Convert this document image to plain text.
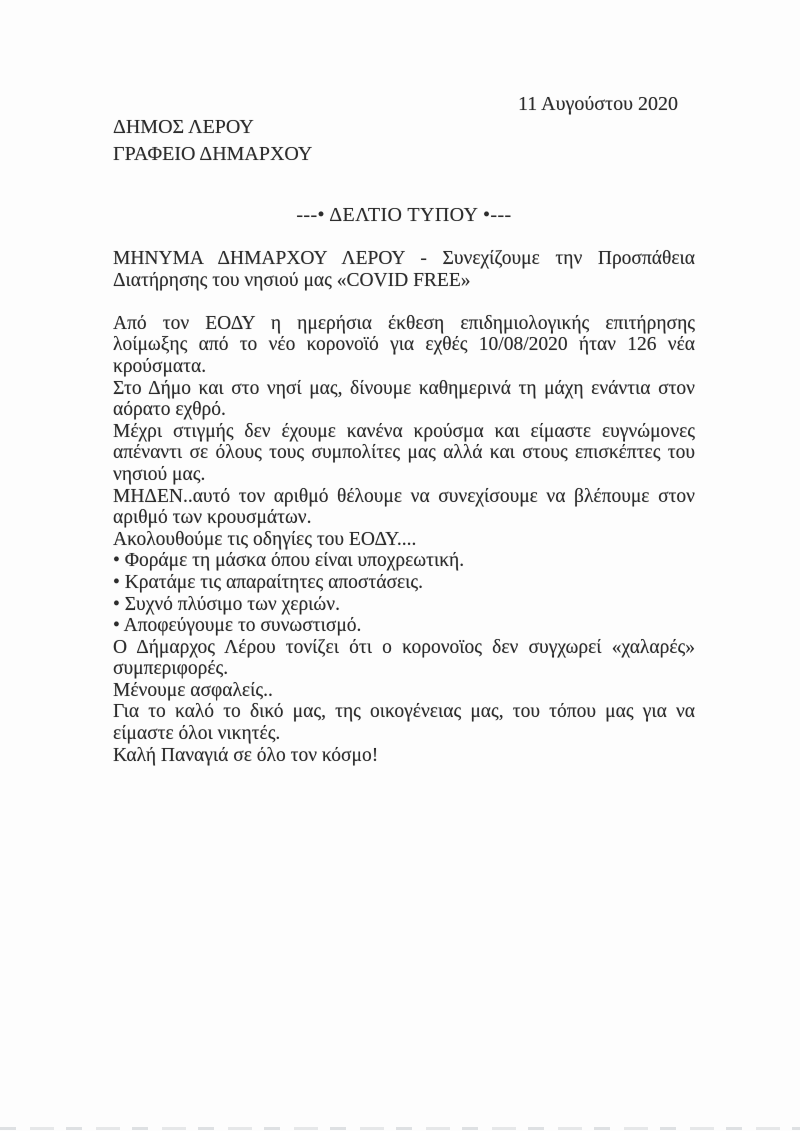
11 Αυγούστου 2020
ΔΗΜΟΣ ΛΕΡΟΥ
ΓΡΑΦΕΙΟ ΔΗΜΑΡΧΟΥ
---• ΔΕΛΤΙΟ ΤΥΠΟΥ •---
ΜΗΝΥΜΑ ΔΗΜΑΡΧΟΥ ΛΕΡΟΥ - Συνεχίζουμε την Προσπάθεια
Διατήρησης του νησιού μας «COVID FREE»

Από τον ΕΟΔΥ η ημερήσια έκθεση επιδημιολογικής επιτήρησης
λοίμωξης από το νέο κορονοϊό για εχθές 10/08/2020 ήταν 126 νέα
κρούσματα.
Στο Δήμο και στο νησί μας, δίνουμε καθημερινά τη μάχη ενάντια στον
αόρατο εχθρό.
Μέχρι στιγμής δεν έχουμε κανένα κρούσμα και είμαστε ευγνώμονες
απέναντι σε όλους τους συμπολίτες μας αλλά και στους επισκέπτες του
νησιού μας.
ΜΗΔΕΝ..αυτό τον αριθμό θέλουμε να συνεχίσουμε να βλέπουμε στον
αριθμό των κρουσμάτων.
Ακολουθούμε τις οδηγίες του ΕΟΔΥ....
• Φοράμε τη μάσκα όπου είναι υποχρεωτική.
• Κρατάμε τις απαραίτητες αποστάσεις.
• Συχνό πλύσιμο των χεριών.
• Αποφεύγουμε το συνωστισμό.
Ο Δήμαρχος Λέρου τονίζει ότι ο κορονοϊος δεν συγχωρεί «χαλαρές»
συμπεριφορές.
Μένουμε ασφαλείς..
Για το καλό το δικό μας, της οικογένειας μας, του τόπου μας για να
είμαστε όλοι νικητές.
Καλή Παναγιά σε όλο τον κόσμο!
